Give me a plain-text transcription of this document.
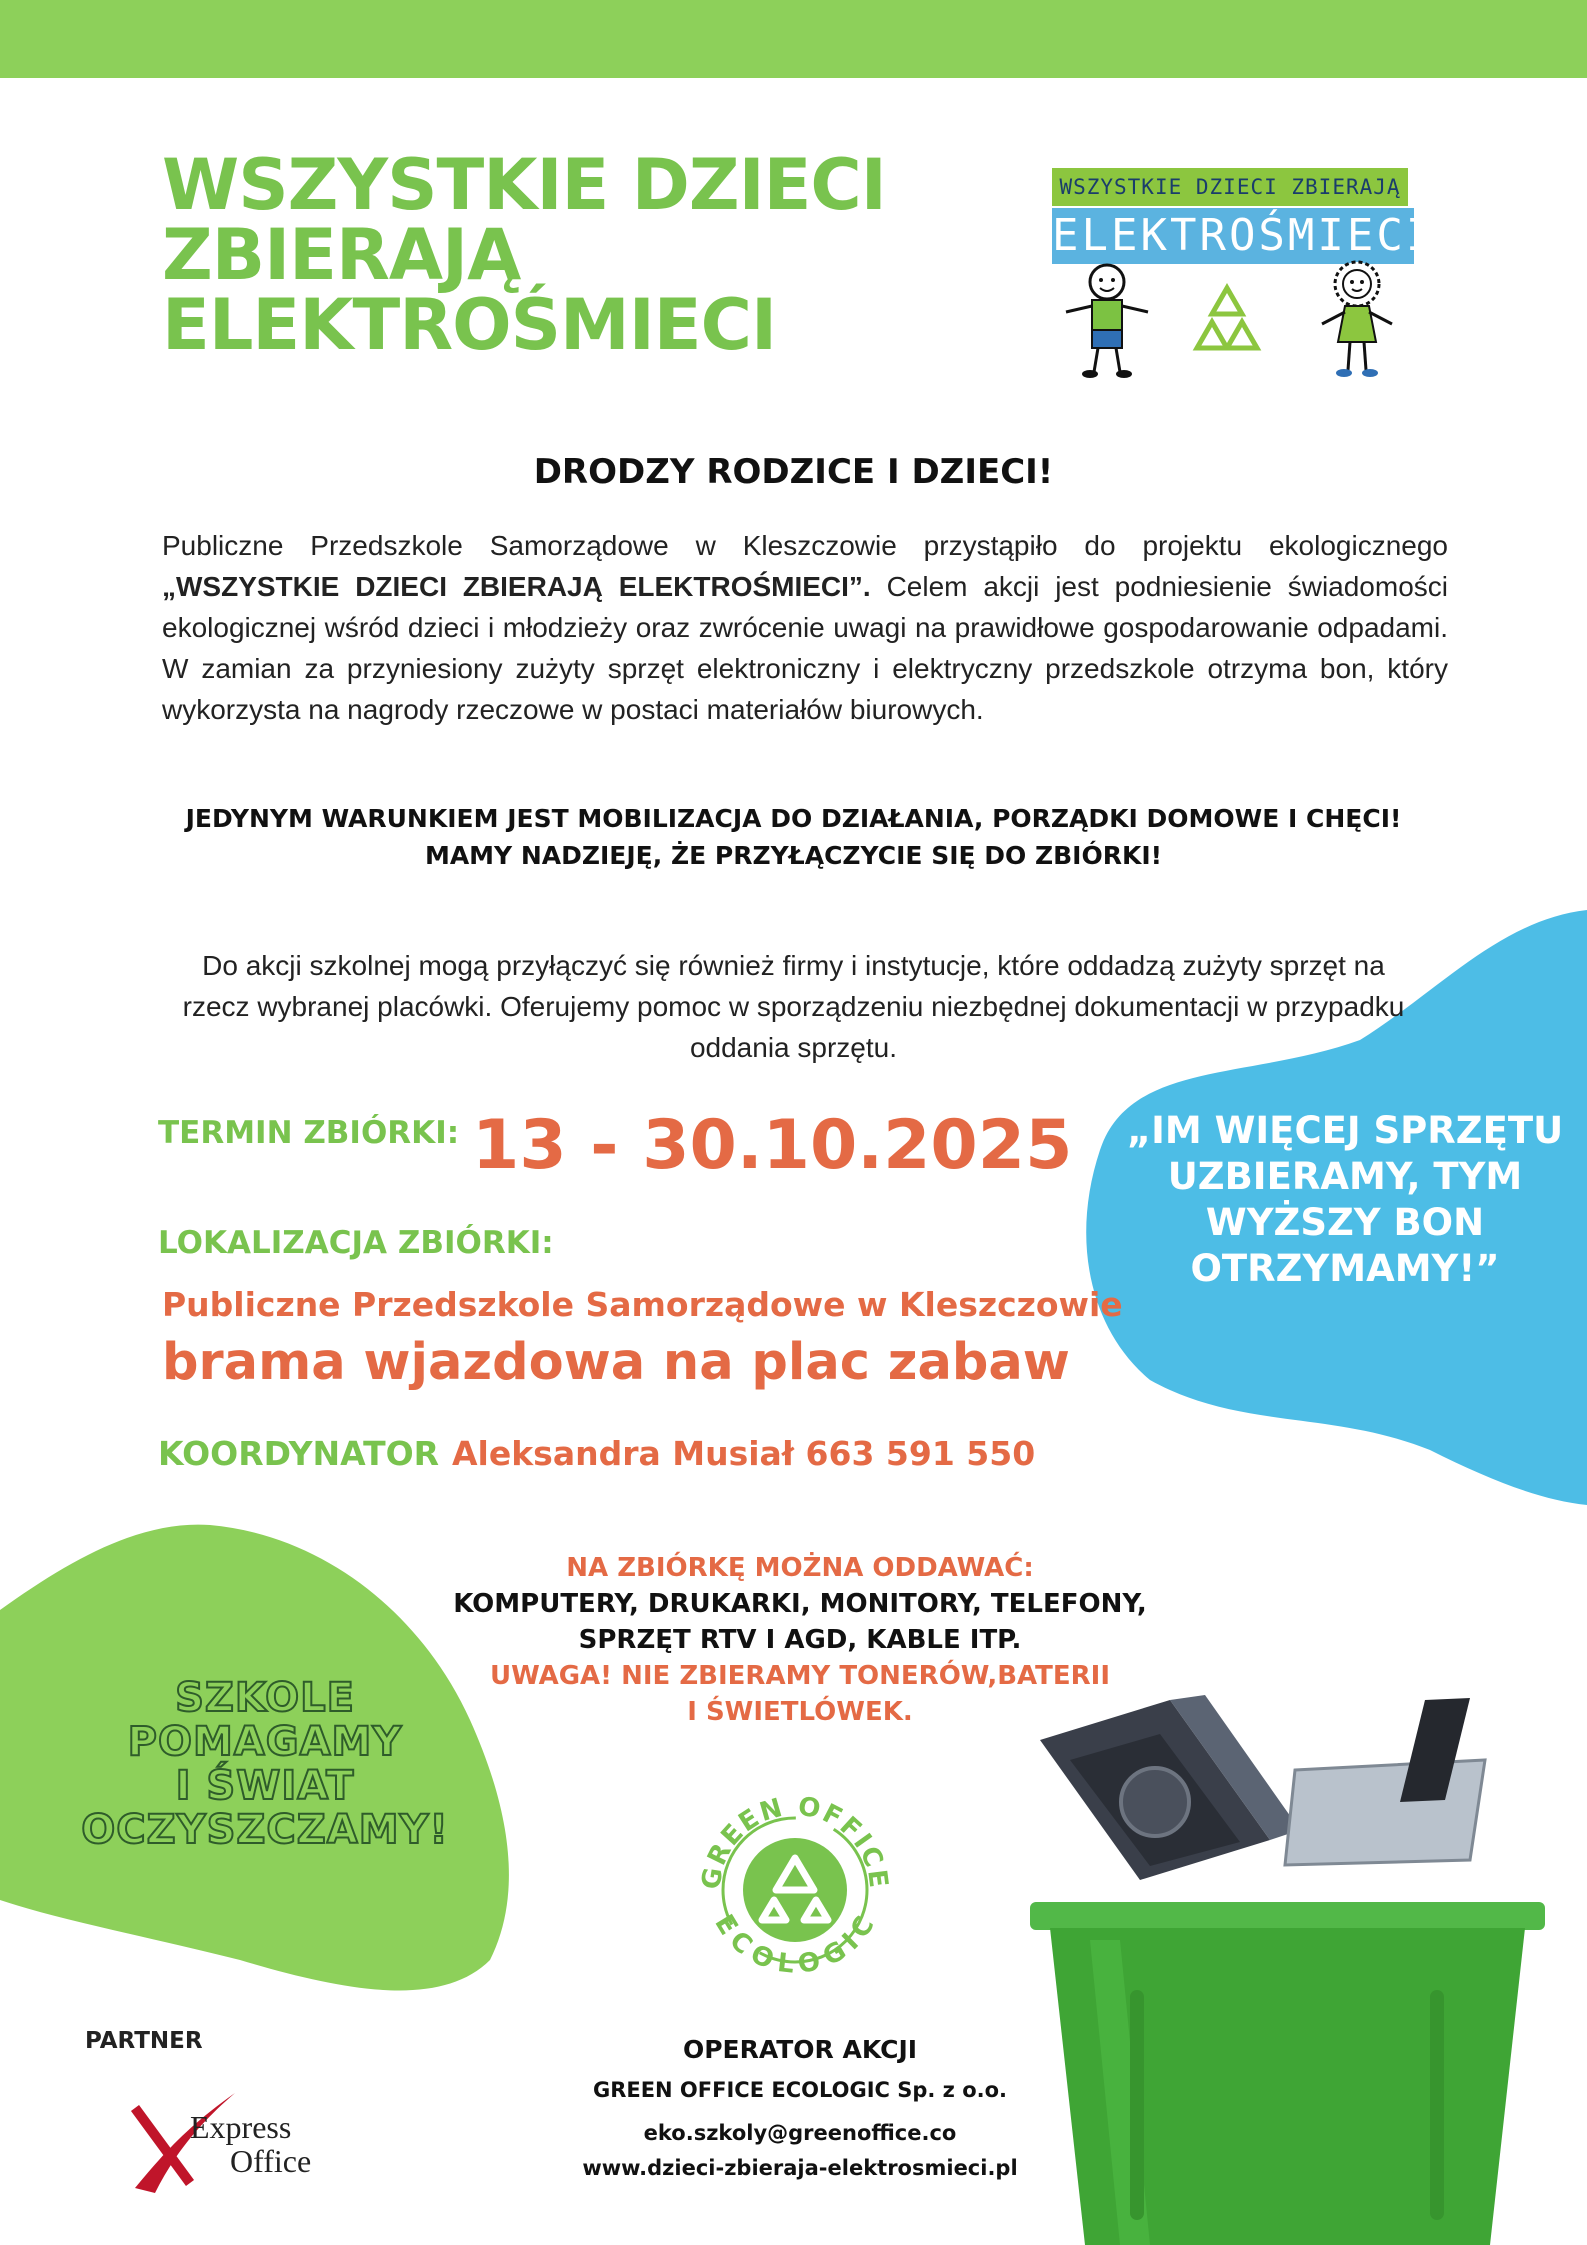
WSZYSTKIE DZIECI
ZBIERAJĄ
ELEKTROŚMIECI
WSZYSTKIE DZIECI ZBIERAJĄ
ELEKTROŚMIECI
DRODZY RODZICE I DZIECI!

Publiczne Przedszkole Samorządowe w Kleszczowie przystąpiło do projektu ekologicznego „WSZYSTKIE DZIECI ZBIERAJĄ ELEKTROŚMIECI”. Celem akcji jest podniesienie świadomości ekologicznej wśród dzieci i młodzieży oraz zwrócenie uwagi na prawidłowe gospodarowanie odpadami. W zamian za przyniesiony zużyty sprzęt elektroniczny i elektryczny przedszkole otrzyma bon, który wykorzysta na nagrody rzeczowe w postaci materiałów biurowych.

JEDYNYM WARUNKIEM JEST MOBILIZACJA DO DZIAŁANIA, PORZĄDKI DOMOWE I CHĘCI!
MAMY NADZIEJĘ, ŻE PRZYŁĄCZYCIE SIĘ DO ZBIÓRKI!

Do akcji szkolnej mogą przyłączyć się również firmy i instytucje, które oddadzą zużyty sprzęt na rzecz wybranej placówki. Oferujemy pomoc w sporządzeniu niezbędnej dokumentacji w przypadku oddania sprzętu.

TERMIN ZBIÓRKI: 13 - 30.10.2025
LOKALIZACJA ZBIÓRKI:
Publiczne Przedszkole Samorządowe w Kleszczowie
brama wjazdowa na plac zabaw
KOORDYNATOR Aleksandra Musiał 663 591 550

„IM WIĘCEJ SPRZĘTU UZBIERAMY, TYM WYŻSZY BON OTRZYMAMY!”

NA ZBIÓRKĘ MOŻNA ODDAWAĆ:
KOMPUTERY, DRUKARKI, MONITORY, TELEFONY,
SPRZĘT RTV I AGD, KABLE ITP.
UWAGA! NIE ZBIERAMY TONERÓW,BATERII
I ŚWIETLÓWEK.

SZKOLE
POMAGAMY
I ŚWIAT
OCZYSZCZAMY!

GREEN OFFICE
ECOLOGIC
PARTNER
Express
Office
OPERATOR AKCJI
GREEN OFFICE ECOLOGIC Sp. z o.o.
eko.szkoly@greenoffice.co
www.dzieci-zbieraja-elektrosmieci.pl
